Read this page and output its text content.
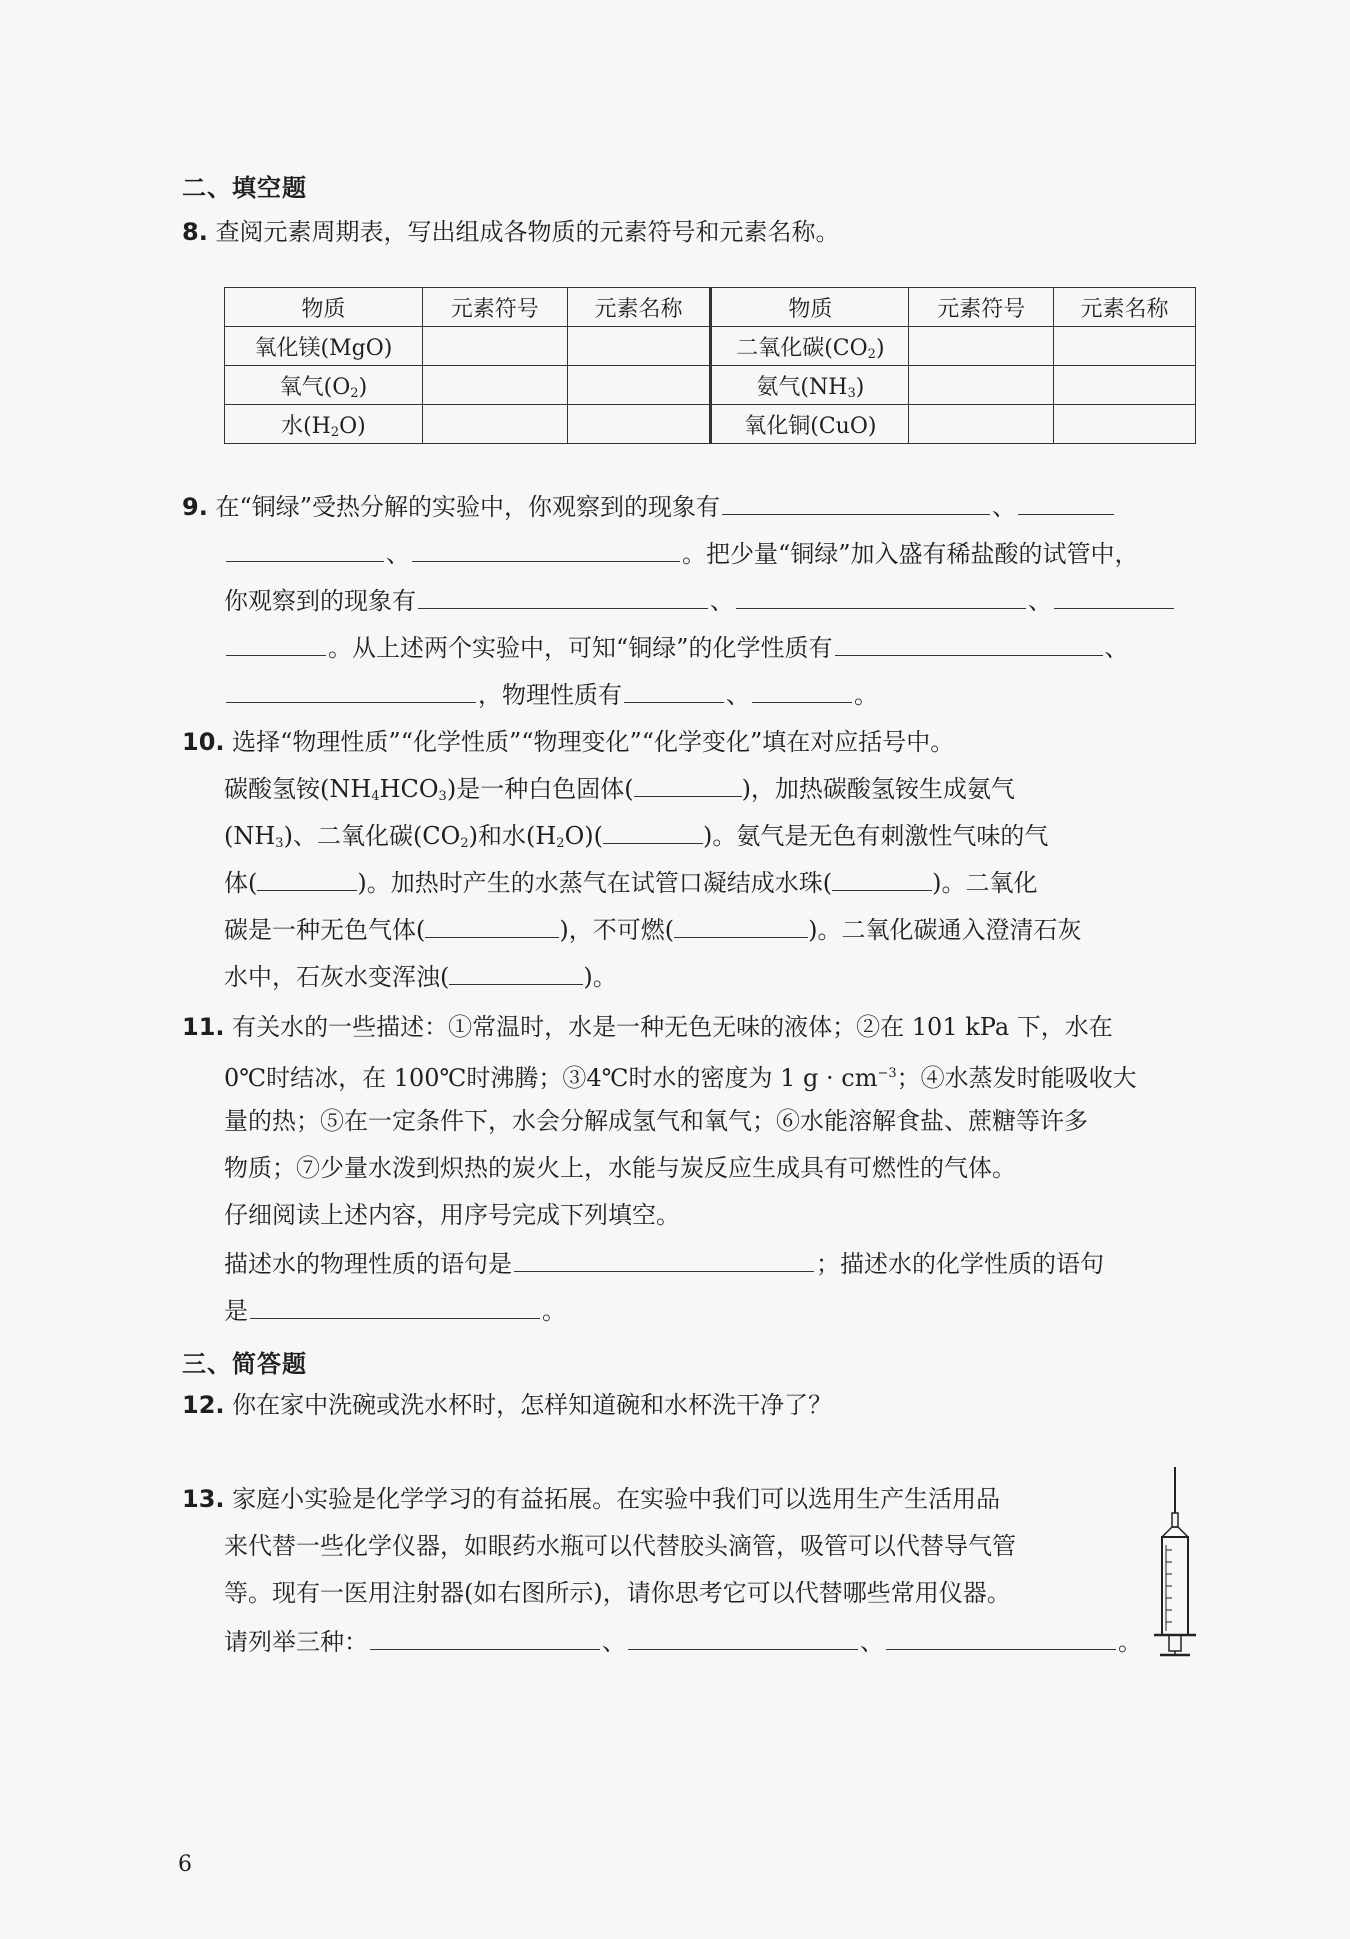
二、填空题
8. 查阅元素周期表，写出组成各物质的元素符号和元素名称。
物质	元素符号	元素名称	物质	元素符号	元素名称
氧化镁(MgO)			二氧化碳$(CO_2)$		
氧气$(O_2)$			氨气$(NH_3)$		
水$(H_2O)$			氧化铜(CuO)		
9. 在“铜绿”受热分解的实验中，你观察到的现象有	、
、	。把少量“铜绿”加入盛有稀盐酸的试管中，
你观察到的现象有	、	、
。从上述两个实验中，可知“铜绿”的化学性质有	、
，物理性质有	、	。
10. 选择“物理性质”“化学性质”“物理变化”“化学变化”填在对应括号中。
碳酸氢铵$(NH_4HCO_3)$是一种白色固体(	)，加热碳酸氢铵生成氨气
$(NH_3)$、二氧化碳$(CO_2)$和水$(H_2O)$(	)。氨气是无色有刺激性气味的气
体(	)。加热时产生的水蒸气在试管口凝结成水珠(	)。二氧化
碳是一种无色气体(	)，不可燃(	)。二氧化碳通入澄清石灰
水中，石灰水变浑浊(	)。
11. 有关水的一些描述：①常温时，水是一种无色无味的液体；②在 101 kPa 下，水在
0℃时结冰，在 100℃时沸腾；③4℃时水的密度为 1 $g \cdot cm^{-3}$；④水蒸发时能吸收大
量的热；⑤在一定条件下，水会分解成氢气和氧气；⑥水能溶解食盐、蔗糖等许多
物质；⑦少量水泼到炽热的炭火上，水能与炭反应生成具有可燃性的气体。
仔细阅读上述内容，用序号完成下列填空。
描述水的物理性质的语句是	；描述水的化学性质的语句
是	。
三、简答题
12. 你在家中洗碗或洗水杯时，怎样知道碗和水杯洗干净了？
13. 家庭小实验是化学学习的有益拓展。在实验中我们可以选用生产生活用品
来代替一些化学仪器，如眼药水瓶可以代替胶头滴管，吸管可以代替导气管
等。现有一医用注射器(如右图所示)，请你思考它可以代替哪些常用仪器。
请列举三种：	、	、	。
6
